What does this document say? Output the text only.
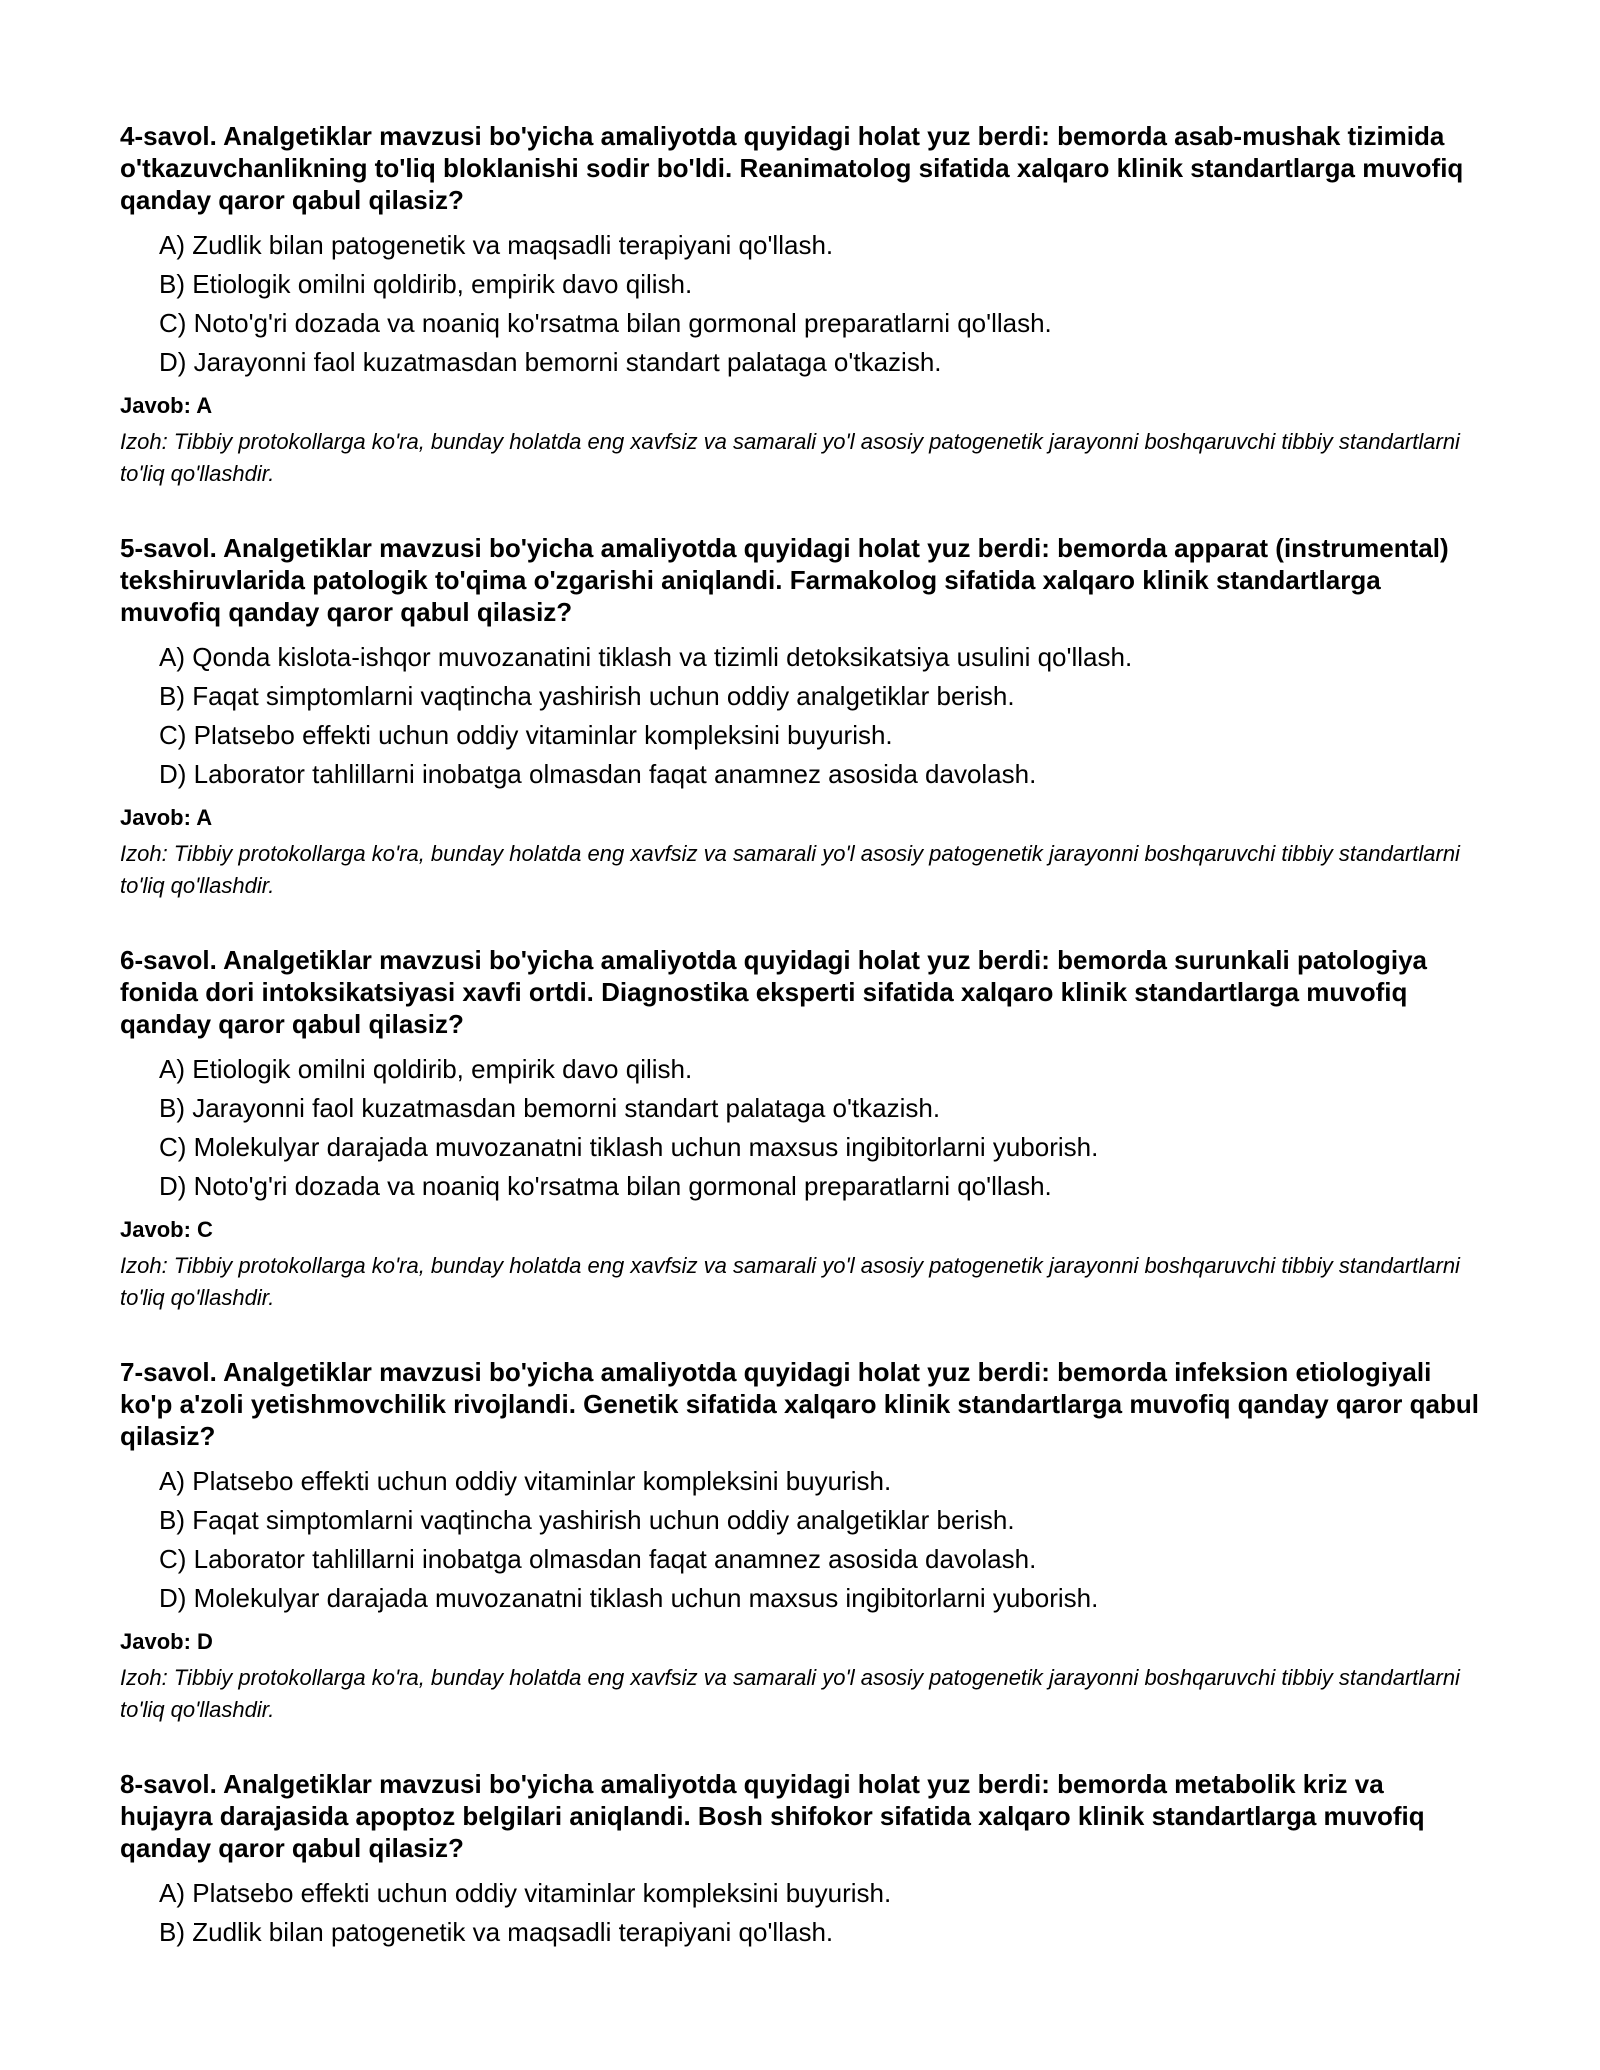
4-savol. Analgetiklar mavzusi bo'yicha amaliyotda quyidagi holat yuz berdi: bemorda asab-mushak tizimida o'tkazuvchanlikning to'liq bloklanishi sodir bo'ldi. Reanimatolog sifatida xalqaro klinik standartlarga muvofiq qanday qaror qabul qilasiz?

A) Zudlik bilan patogenetik va maqsadli terapiyani qo'llash.
B) Etiologik omilni qoldirib, empirik davo qilish.
C) Noto'g'ri dozada va noaniq ko'rsatma bilan gormonal preparatlarni qo'llash.
D) Jarayonni faol kuzatmasdan bemorni standart palataga o'tkazish.

Javob: A

Izoh: Tibbiy protokollarga ko'ra, bunday holatda eng xavfsiz va samarali yo'l asosiy patogenetik jarayonni boshqaruvchi tibbiy standartlarni to'liq qo'llashdir.

5-savol. Analgetiklar mavzusi bo'yicha amaliyotda quyidagi holat yuz berdi: bemorda apparat (instrumental) tekshiruvlarida patologik to'qima o'zgarishi aniqlandi. Farmakolog sifatida xalqaro klinik standartlarga muvofiq qanday qaror qabul qilasiz?

A) Qonda kislota-ishqor muvozanatini tiklash va tizimli detoksikatsiya usulini qo'llash.
B) Faqat simptomlarni vaqtincha yashirish uchun oddiy analgetiklar berish.
C) Platsebo effekti uchun oddiy vitaminlar kompleksini buyurish.
D) Laborator tahlillarni inobatga olmasdan faqat anamnez asosida davolash.

Javob: A

Izoh: Tibbiy protokollarga ko'ra, bunday holatda eng xavfsiz va samarali yo'l asosiy patogenetik jarayonni boshqaruvchi tibbiy standartlarni to'liq qo'llashdir.

6-savol. Analgetiklar mavzusi bo'yicha amaliyotda quyidagi holat yuz berdi: bemorda surunkali patologiya fonida dori intoksikatsiyasi xavfi ortdi. Diagnostika eksperti sifatida xalqaro klinik standartlarga muvofiq qanday qaror qabul qilasiz?

A) Etiologik omilni qoldirib, empirik davo qilish.
B) Jarayonni faol kuzatmasdan bemorni standart palataga o'tkazish.
C) Molekulyar darajada muvozanatni tiklash uchun maxsus ingibitorlarni yuborish.
D) Noto'g'ri dozada va noaniq ko'rsatma bilan gormonal preparatlarni qo'llash.

Javob: C

Izoh: Tibbiy protokollarga ko'ra, bunday holatda eng xavfsiz va samarali yo'l asosiy patogenetik jarayonni boshqaruvchi tibbiy standartlarni to'liq qo'llashdir.

7-savol. Analgetiklar mavzusi bo'yicha amaliyotda quyidagi holat yuz berdi: bemorda infeksion etiologiyali ko'p a'zoli yetishmovchilik rivojlandi. Genetik sifatida xalqaro klinik standartlarga muvofiq qanday qaror qabul qilasiz?

A) Platsebo effekti uchun oddiy vitaminlar kompleksini buyurish.
B) Faqat simptomlarni vaqtincha yashirish uchun oddiy analgetiklar berish.
C) Laborator tahlillarni inobatga olmasdan faqat anamnez asosida davolash.
D) Molekulyar darajada muvozanatni tiklash uchun maxsus ingibitorlarni yuborish.

Javob: D

Izoh: Tibbiy protokollarga ko'ra, bunday holatda eng xavfsiz va samarali yo'l asosiy patogenetik jarayonni boshqaruvchi tibbiy standartlarni to'liq qo'llashdir.

8-savol. Analgetiklar mavzusi bo'yicha amaliyotda quyidagi holat yuz berdi: bemorda metabolik kriz va hujayra darajasida apoptoz belgilari aniqlandi. Bosh shifokor sifatida xalqaro klinik standartlarga muvofiq qanday qaror qabul qilasiz?

A) Platsebo effekti uchun oddiy vitaminlar kompleksini buyurish.
B) Zudlik bilan patogenetik va maqsadli terapiyani qo'llash.
